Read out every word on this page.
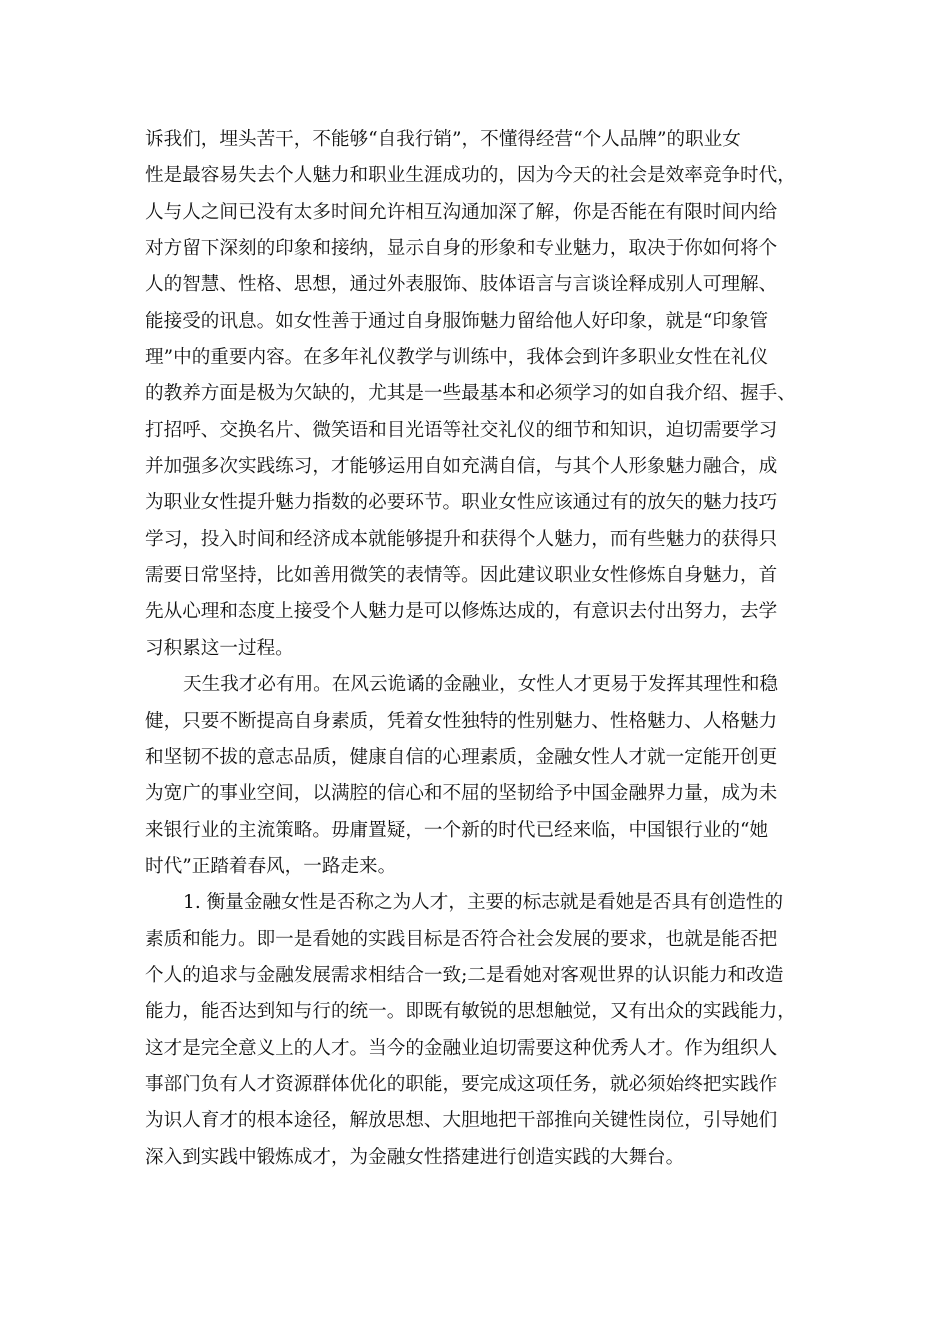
诉我们，埋头苦干，不能够“自我行销”，不懂得经营“个人品牌”的职业女
性是最容易失去个人魅力和职业生涯成功的，因为今天的社会是效率竞争时代，
人与人之间已没有太多时间允许相互沟通加深了解，你是否能在有限时间内给
对方留下深刻的印象和接纳，显示自身的形象和专业魅力，取决于你如何将个
人的智慧、性格、思想，通过外表服饰、肢体语言与言谈诠释成别人可理解、
能接受的讯息。如女性善于通过自身服饰魅力留给他人好印象，就是“印象管
理”中的重要内容。在多年礼仪教学与训练中，我体会到许多职业女性在礼仪
的教养方面是极为欠缺的，尤其是一些最基本和必须学习的如自我介绍、握手、
打招呼、交换名片、微笑语和目光语等社交礼仪的细节和知识，迫切需要学习
并加强多次实践练习，才能够运用自如充满自信，与其个人形象魅力融合，成
为职业女性提升魅力指数的必要环节。职业女性应该通过有的放矢的魅力技巧
学习，投入时间和经济成本就能够提升和获得个人魅力，而有些魅力的获得只
需要日常坚持，比如善用微笑的表情等。因此建议职业女性修炼自身魅力，首
先从心理和态度上接受个人魅力是可以修炼达成的，有意识去付出努力，去学
习积累这一过程。
天生我才必有用。在风云诡谲的金融业，女性人才更易于发挥其理性和稳
健，只要不断提高自身素质，凭着女性独特的性别魅力、性格魅力、人格魅力
和坚韧不拔的意志品质，健康自信的心理素质，金融女性人才就一定能开创更
为宽广的事业空间，以满腔的信心和不屈的坚韧给予中国金融界力量，成为未
来银行业的主流策略。毋庸置疑，一个新的时代已经来临，中国银行业的“她
时代”正踏着春风，一路走来。
1. 衡量金融女性是否称之为人才，主要的标志就是看她是否具有创造性的
素质和能力。即一是看她的实践目标是否符合社会发展的要求，也就是能否把
个人的追求与金融发展需求相结合一致;二是看她对客观世界的认识能力和改造
能力，能否达到知与行的统一。即既有敏锐的思想触觉，又有出众的实践能力，
这才是完全意义上的人才。当今的金融业迫切需要这种优秀人才。作为组织人
事部门负有人才资源群体优化的职能，要完成这项任务，就必须始终把实践作
为识人育才的根本途径，解放思想、大胆地把干部推向关键性岗位，引导她们
深入到实践中锻炼成才，为金融女性搭建进行创造实践的大舞台。
